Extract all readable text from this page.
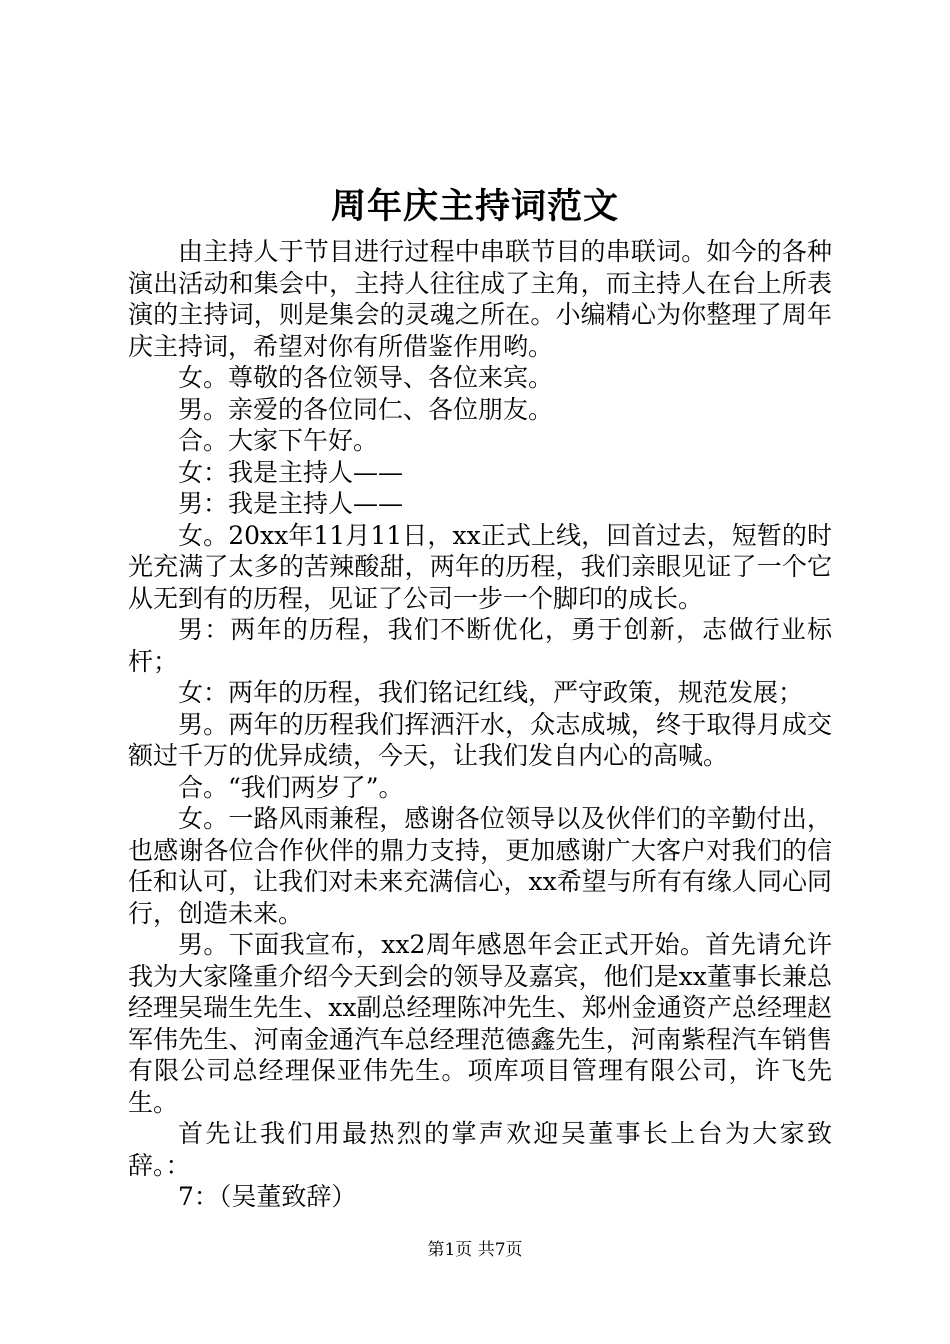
周年庆主持词范文

由主持人于节目进行过程中串联节目的串联词。如今的各种演出活动和集会中，主持人往往成了主角，而主持人在台上所表演的主持词，则是集会的灵魂之所在。小编精心为你整理了周年庆主持词，希望对你有所借鉴作用哟。

女。尊敬的各位领导、各位来宾。

男。亲爱的各位同仁、各位朋友。

合。大家下午好。

女：我是主持人——

男：我是主持人——

女。20xx年11月11日，xx正式上线，回首过去，短暂的时光充满了太多的苦辣酸甜，两年的历程，我们亲眼见证了一个它从无到有的历程，见证了公司一步一个脚印的成长。

男：两年的历程，我们不断优化，勇于创新，志做行业标杆；

女：两年的历程，我们铭记红线，严守政策，规范发展；

男。两年的历程我们挥洒汗水，众志成城，终于取得月成交额过千万的优异成绩，今天，让我们发自内心的高喊。

合。“我们两岁了”。

女。一路风雨兼程，感谢各位领导以及伙伴们的辛勤付出，也感谢各位合作伙伴的鼎力支持，更加感谢广大客户对我们的信任和认可，让我们对未来充满信心，xx希望与所有有缘人同心同行，创造未来。

男。下面我宣布，xx2周年感恩年会正式开始。首先请允许我为大家隆重介绍今天到会的领导及嘉宾，他们是xx董事长兼总经理吴瑞生先生、xx副总经理陈冲先生、郑州金通资产总经理赵军伟先生、河南金通汽车总经理范德鑫先生，河南紫程汽车销售有限公司总经理保亚伟先生。项库项目管理有限公司，许飞先生。

首先让我们用最热烈的掌声欢迎吴董事长上台为大家致辞。：

7：（吴董致辞）

第1页 共7页
